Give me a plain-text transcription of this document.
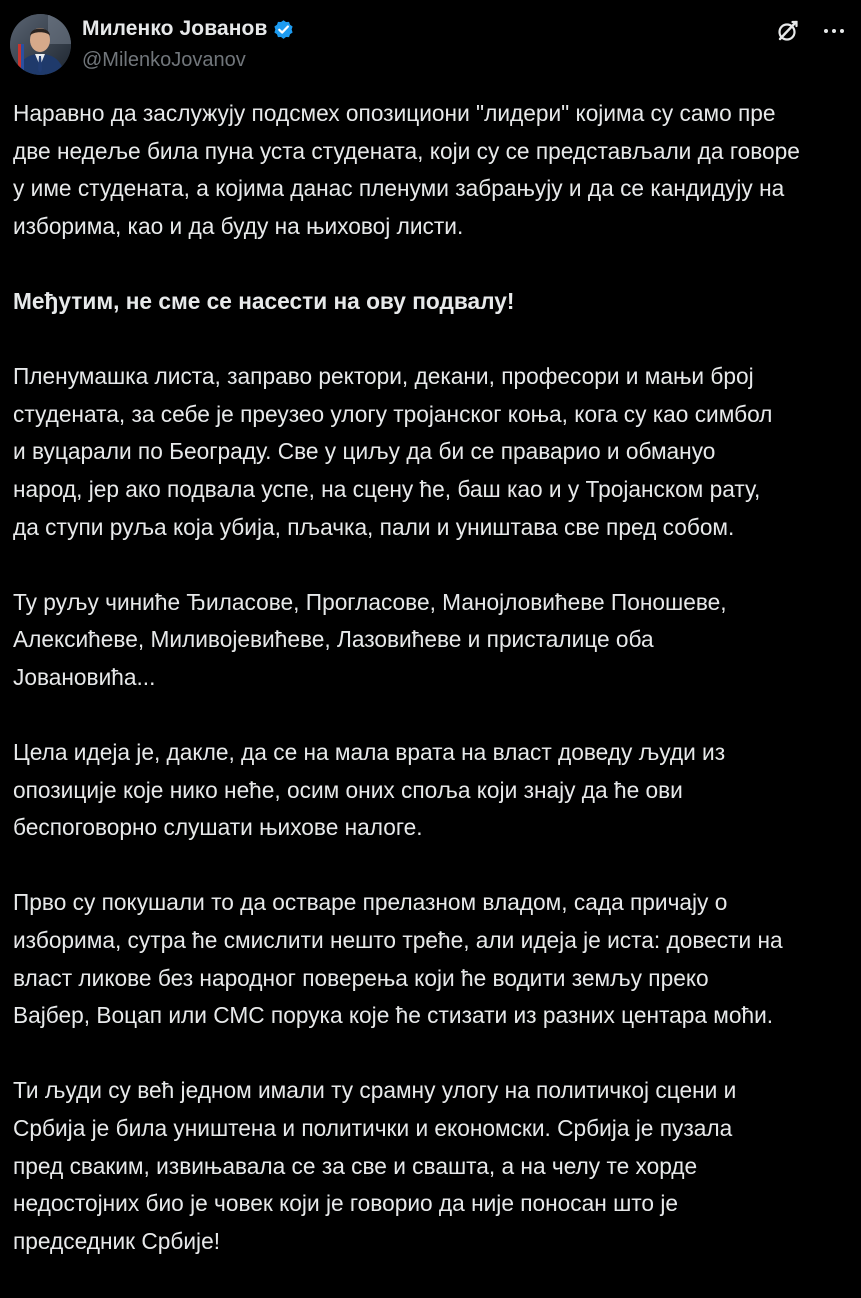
Миленко Јованов
@MilenkoJovanov
Наравно да заслужују подсмех опозициони "лидери" којима су само пре
две недеље била пуна уста студената, који су се представљали да говоре
у име студената, а којима данас пленуми забрањују и да се кандидују на
изборима, као и да буду на њиховој листи.
Међутим, не сме се насести на ову подвалу!
Пленумашка листа, заправо ректори, декани, професори и мањи број
студената, за себе је преузео улогу тројанског коња, кога су као симбол
и вуцарали по Београду. Све у циљу да би се праварио и обмануо
народ, јер ако подвала успе, на сцену ће, баш као и у Тројанском рату,
да ступи руља која убија, пљачка, пали и уништава све пред собом.
Ту руљу чиниће Ђиласове, Прогласове, Манојловићеве Поношеве,
Алексићеве, Миливојевићеве, Лазовићеве и присталице оба
Јовановића...
Цела идеја је, дакле, да се на мала врата на власт доведу људи из
опозиције које нико неће, осим оних споља који знају да ће ови
беспоговорно слушати њихове налоге.
Прво су покушали то да остваре прелазном владом, сада причају о
изборима, сутра ће смислити нешто треће, али идеја је иста: довести на
власт ликове без народног поверења који ће водити земљу преко
Вајбер, Воцап или СМС порука које ће стизати из разних центара моћи.
Ти људи су већ једном имали ту срамну улогу на политичкој сцени и
Србија је била уништена и политички и економски. Србија је пузала
пред сваким, извињавала се за све и свашта, а на челу те хорде
недостојних био је човек који је говорио да није поносан што је
председник Србије!
